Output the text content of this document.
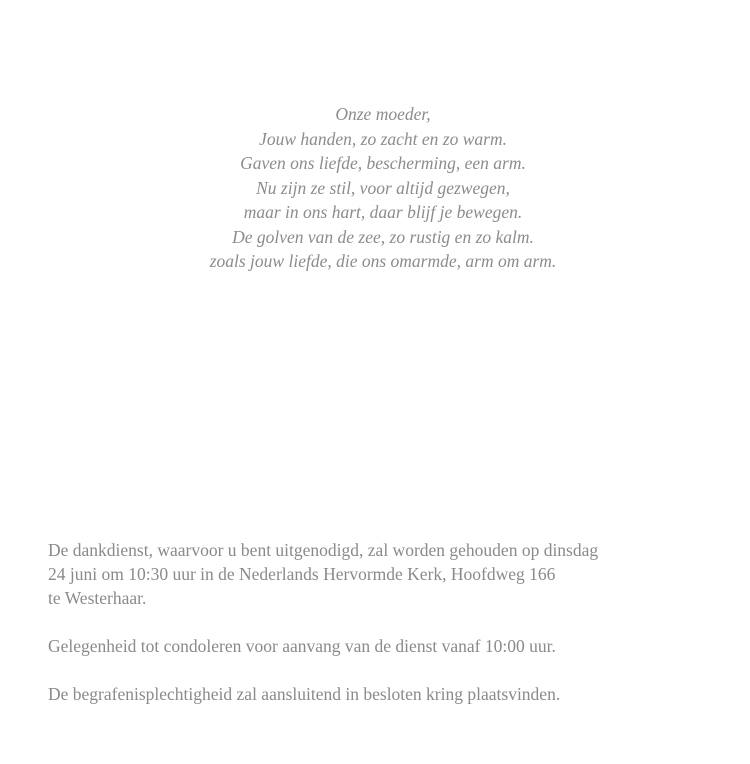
Onze moeder,
Jouw handen, zo zacht en zo warm.
Gaven ons liefde, bescherming, een arm.
Nu zijn ze stil, voor altijd gezwegen,
maar in ons hart, daar blijf je bewegen.
De golven van de zee, zo rustig en zo kalm.
zoals jouw liefde, die ons omarmde, arm om arm.

De dankdienst, waarvoor u bent uitgenodigd, zal worden gehouden op dinsdag
24 juni om 10:30 uur in de Nederlands Hervormde Kerk, Hoofdweg 166
te Westerhaar.

Gelegenheid tot condoleren voor aanvang van de dienst vanaf 10:00 uur.

De begrafenisplechtigheid zal aansluitend in besloten kring plaatsvinden.
